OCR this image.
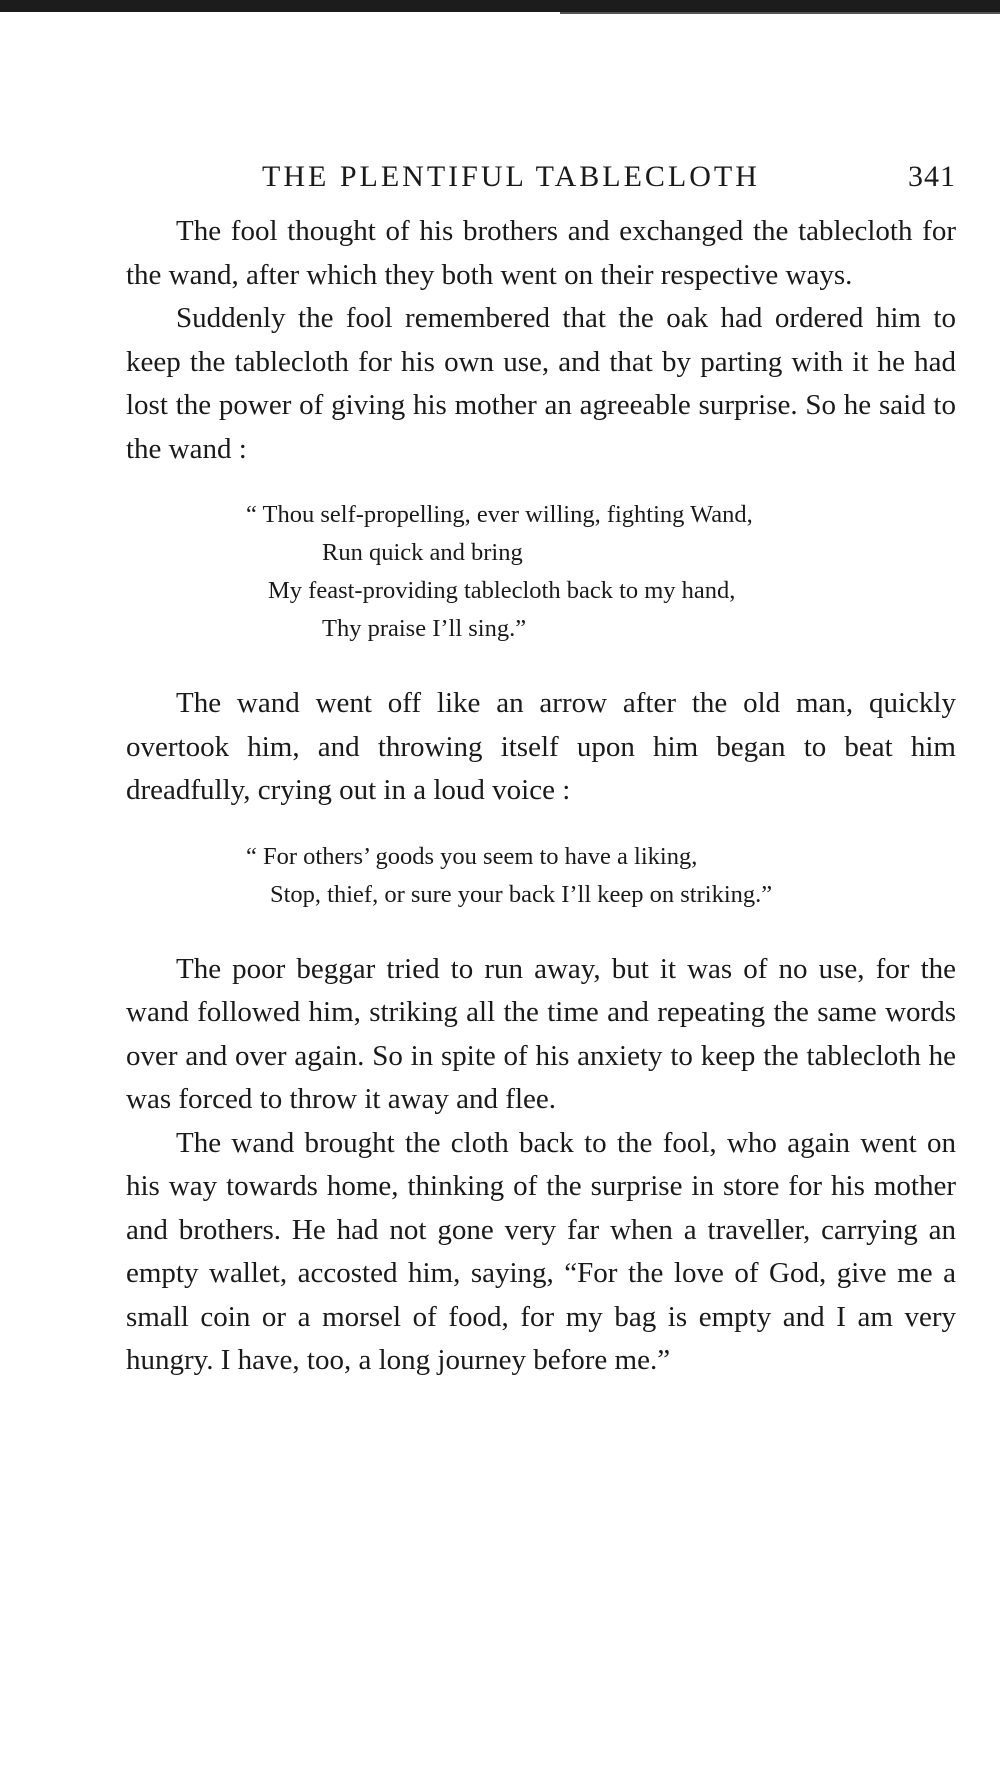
THE PLENTIFUL TABLECLOTH	341

The fool thought of his brothers and exchanged the tablecloth for the wand, after which they both went on their respective ways.

Suddenly the fool remembered that the oak had ordered him to keep the tablecloth for his own use, and that by parting with it he had lost the power of giving his mother an agreeable surprise. So he said to the wand :

“ Thou self-propelling, ever willing, fighting Wand,
Run quick and bring
My feast-providing tablecloth back to my hand,
Thy praise I’ll sing.”

The wand went off like an arrow after the old man, quickly overtook him, and throwing itself upon him began to beat him dreadfully, crying out in a loud voice :

“ For others’ goods you seem to have a liking,
Stop, thief, or sure your back I’ll keep on striking.”

The poor beggar tried to run away, but it was of no use, for the wand followed him, striking all the time and repeating the same words over and over again. So in spite of his anxiety to keep the tablecloth he was forced to throw it away and flee.

The wand brought the cloth back to the fool, who again went on his way towards home, thinking of the surprise in store for his mother and brothers. He had not gone very far when a traveller, carrying an empty wallet, accosted him, saying, “For the love of God, give me a small coin or a morsel of food, for my bag is empty and I am very hungry. I have, too, a long journey before me.”
